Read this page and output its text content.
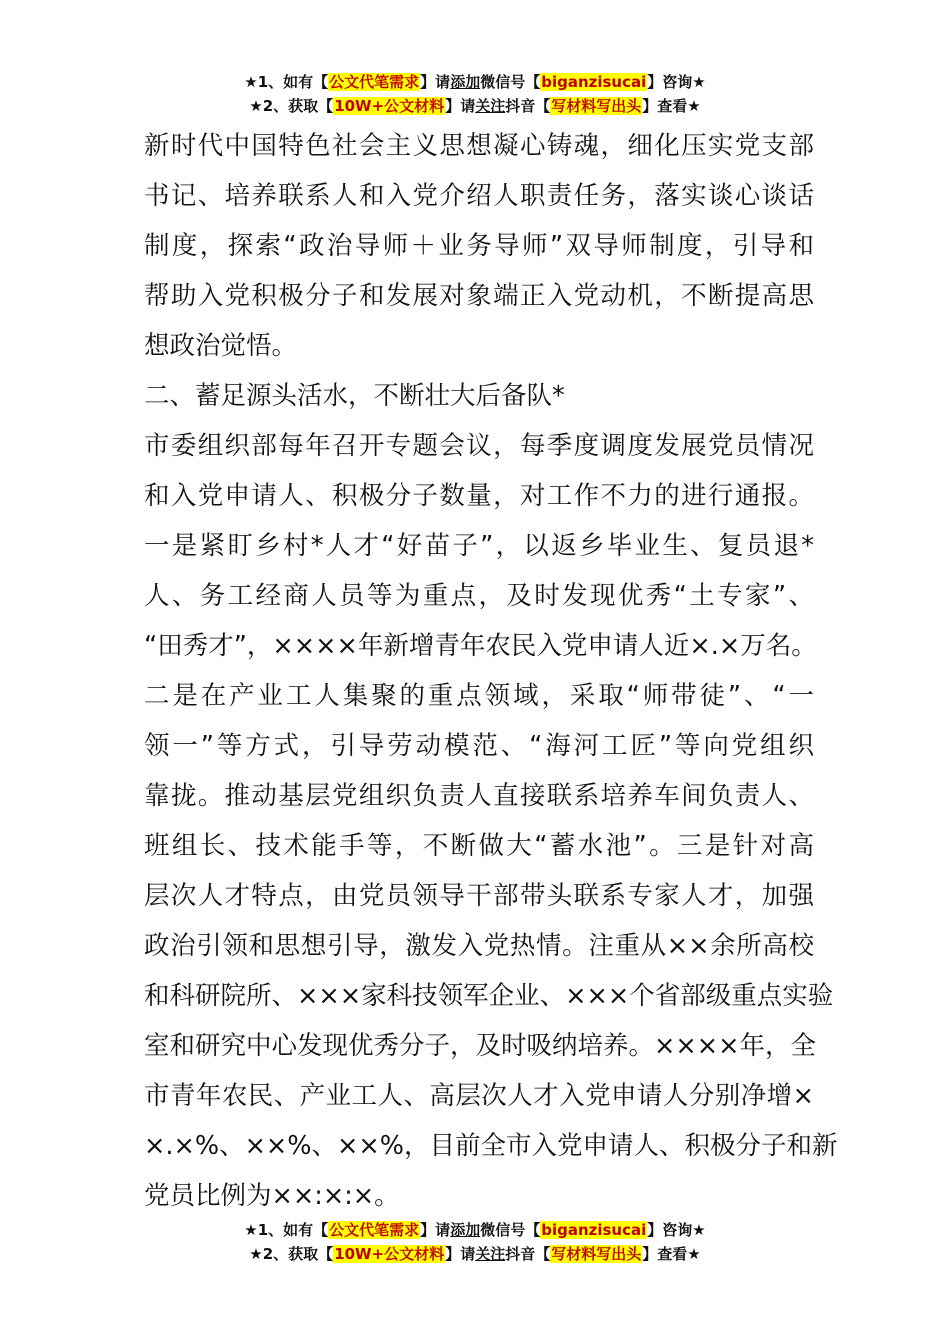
★1、如有【公文代笔需求】请添加微信号【biganzisucai】咨询★
★2、获取【10W+公文材料】请关注抖音【写材料写出头】查看★
新时代中国特色社会主义思想凝心铸魂，细化压实党支部
书记、培养联系人和入党介绍人职责任务，落实谈心谈话
制度，探索“政治导师＋业务导师”双导师制度，引导和
帮助入党积极分子和发展对象端正入党动机，不断提高思
想政治觉悟。
二、蓄足源头活水，不断壮大后备队*
市委组织部每年召开专题会议，每季度调度发展党员情况
和入党申请人、积极分子数量，对工作不力的进行通报。
一是紧盯乡村*人才“好苗子”，以返乡毕业生、复员退*
人、务工经商人员等为重点，及时发现优秀“土专家”、
“田秀才”，××××年新增青年农民入党申请人近×.×万名。
二是在产业工人集聚的重点领域，采取“师带徒”、“一
领一”等方式，引导劳动模范、“海河工匠”等向党组织
靠拢。推动基层党组织负责人直接联系培养车间负责人、
班组长、技术能手等，不断做大“蓄水池”。三是针对高
层次人才特点，由党员领导干部带头联系专家人才，加强
政治引领和思想引导，激发入党热情。注重从××余所高校
和科研院所、×××家科技领军企业、×××个省部级重点实验
室和研究中心发现优秀分子，及时吸纳培养。××××年，全
市青年农民、产业工人、高层次人才入党申请人分别净增×
×.×%、××%、××%，目前全市入党申请人、积极分子和新
党员比例为××:×:×。
★1、如有【公文代笔需求】请添加微信号【biganzisucai】咨询★
★2、获取【10W+公文材料】请关注抖音【写材料写出头】查看★
